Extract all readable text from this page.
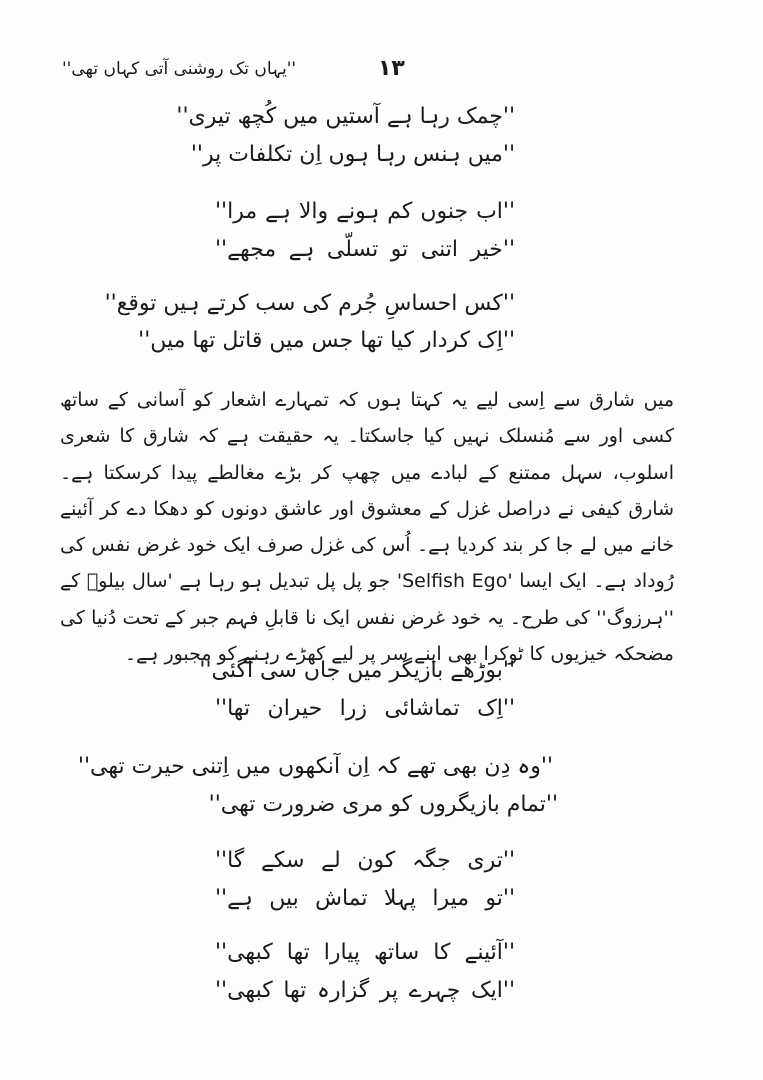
''یہاں تک روشنی آتی کہاں تھی''	۱۳
''چمک رہا ہے آستیں میں کُچھ تیری''
''میں ہنس رہا ہوں اِن تکلفات پر''
''اب جنوں کم ہونے والا ہے مرا''
''خیر اتنی تو تسلّی ہے مجھے''
''کس احساسِ جُرم کی سب کرتے ہیں توقع''
''اِک کردار کیا تھا جس میں قاتل تھا میں''
میں شارق سے اِسی لیے یہ کہتا ہوں کہ تمہارے اشعار کو آسانی کے ساتھ کسی اور سے مُنسلک نہیں کیا جاسکتا۔ یہ حقیقت ہے کہ شارق کا شعری اسلوب، سہل ممتنع کے لبادے میں چھپ کر بڑے مغالطے پیدا کرسکتا ہے۔ شارق کیفی نے دراصل غزل کے معشوق اور عاشق دونوں کو دھکا دے کر آئینے خانے میں لے جا کر بند کردیا ہے۔ اُس کی غزل صرف ایک خود غرض نفس کی رُوداد ہے۔ ایک ایسا 'Selfish Ego' جو پل پل تبدیل ہو رہا ہے 'سال بیلوؔ کے ''ہرزوگ'' کی طرح۔ یہ خود غرض نفس ایک نا قابلِ فہم جبر کے تحت دُنیا کی مضحکہ خیزیوں کا ٹوکرا بھی اپنے سر پر لیے کھڑے رہنے کو مجبور ہے۔
''بوڑھے بازیگر میں جاں سی آگئی''
''اِک تماشائی زرا حیران تھا''
''وہ دِن بھی تھے کہ اِن آنکھوں میں اِتنی حیرت تھی''
''تمام بازیگروں کو مری ضرورت تھی''
''تری جگہ کون لے سکے گا''
''تو میرا پہلا تماش بیں ہے''
''آئینے کا ساتھ پیارا تھا کبھی''
''ایک چہرے پر گزارہ تھا کبھی''
